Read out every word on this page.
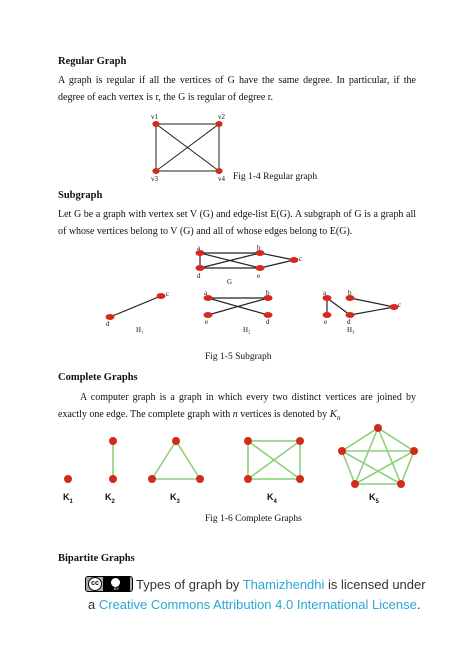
Regular Graph
A graph is regular if all the vertices of G have the same degree. In particular, if the degree of each vertex is r, the G is regular of degree r.
v1	v2
v3	v4 Fig 1-4 Regular graph
Subgraph
Let G be a graph with vertex set V (G) and edge-list E(G). A subgraph of G is a graph all of whose vertices belong to V (G) and all of whose edges belong to E(G).
a	b
c
d	e
G
c
d
H₁
a	b
e	d
H₂
a	b
c
e	d
H₃
Fig 1-5 Subgraph
Complete Graphs
A computer graph is a graph in which every two distinct vertices are joined by exactly one edge. The complete graph with n vertices is denoted by $K_n$
$K_1$	$K_2$	$K_3$	$K_4$	$K_5$
Fig 1-6 Complete Graphs
Bipartite Graphs
cc
BY	Types of graph by Thamizhendhi is licensed under
a Creative Commons Attribution 4.0 International License.
